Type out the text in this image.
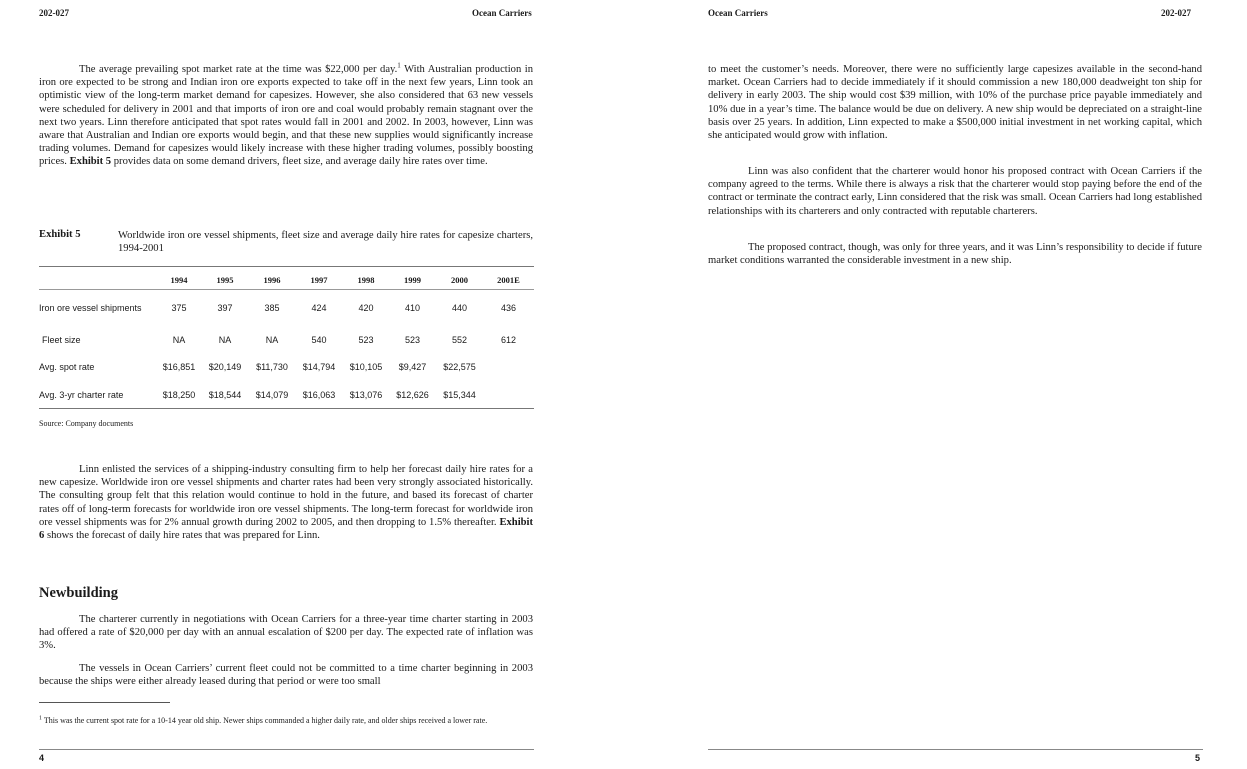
202-027	Ocean Carriers

The average prevailing spot market rate at the time was $22,000 per day.$^1$ With Australian production in iron ore expected to be strong and Indian iron ore exports expected to take off in the next few years, Linn took an optimistic view of the long-term market demand for capesizes. However, she also considered that 63 new vessels were scheduled for delivery in 2001 and that imports of iron ore and coal would probably remain stagnant over the next two years. Linn therefore anticipated that spot rates would fall in 2001 and 2002. In 2003, however, Linn was aware that Australian and Indian ore exports would begin, and that these new supplies would significantly increase trading volumes. Demand for capesizes would likely increase with these higher trading volumes, possibly boosting prices. Exhibit 5 provides data on some demand drivers, fleet size, and average daily hire rates over time.

Exhibit 5	Worldwide iron ore vessel shipments, fleet size and average daily hire rates for capesize charters, 1994-2001

	1994	1995	1996	1997	1998	1999	2000	2001E
Iron ore vessel shipments	375	397	385	424	420	410	440	436
Fleet size	NA	NA	NA	540	523	523	552	612
Avg. spot rate	$16,851	$20,149	$11,730	$14,794	$10,105	$9,427	$22,575	
Avg. 3-yr charter rate	$18,250	$18,544	$14,079	$16,063	$13,076	$12,626	$15,344	
Source: Company documents

Linn enlisted the services of a shipping-industry consulting firm to help her forecast daily hire rates for a new capesize. Worldwide iron ore vessel shipments and charter rates had been very strongly associated historically. The consulting group felt that this relation would continue to hold in the future, and based its forecast of charter rates off of long-term forecasts for worldwide iron ore vessel shipments. The long-term forecast for worldwide iron ore vessel shipments was for 2% annual growth during 2002 to 2005, and then dropping to 1.5% thereafter. Exhibit 6 shows the forecast of daily hire rates that was prepared for Linn.

Newbuilding

The charterer currently in negotiations with Ocean Carriers for a three-year time charter starting in 2003 had offered a rate of $20,000 per day with an annual escalation of $200 per day. The expected rate of inflation was 3%.

The vessels in Ocean Carriers’ current fleet could not be committed to a time charter beginning in 2003 because the ships were either already leased during that period or were too small

$^1$ This was the current spot rate for a 10-14 year old ship. Newer ships commanded a higher daily rate, and older ships received a lower rate.

4
Ocean Carriers	202-027

to meet the customer’s needs. Moreover, there were no sufficiently large capesizes available in the second-hand market. Ocean Carriers had to decide immediately if it should commission a new 180,000 deadweight ton ship for delivery in early 2003. The ship would cost $39 million, with 10% of the purchase price payable immediately and 10% due in a year’s time. The balance would be due on delivery. A new ship would be depreciated on a straight-line basis over 25 years. In addition, Linn expected to make a $500,000 initial investment in net working capital, which she anticipated would grow with inflation.

Linn was also confident that the charterer would honor his proposed contract with Ocean Carriers if the company agreed to the terms. While there is always a risk that the charterer would stop paying before the end of the contract or terminate the contract early, Linn considered that the risk was small. Ocean Carriers had long established relationships with its charterers and only contracted with reputable charterers.

The proposed contract, though, was only for three years, and it was Linn’s responsibility to decide if future market conditions warranted the considerable investment in a new ship.

5
